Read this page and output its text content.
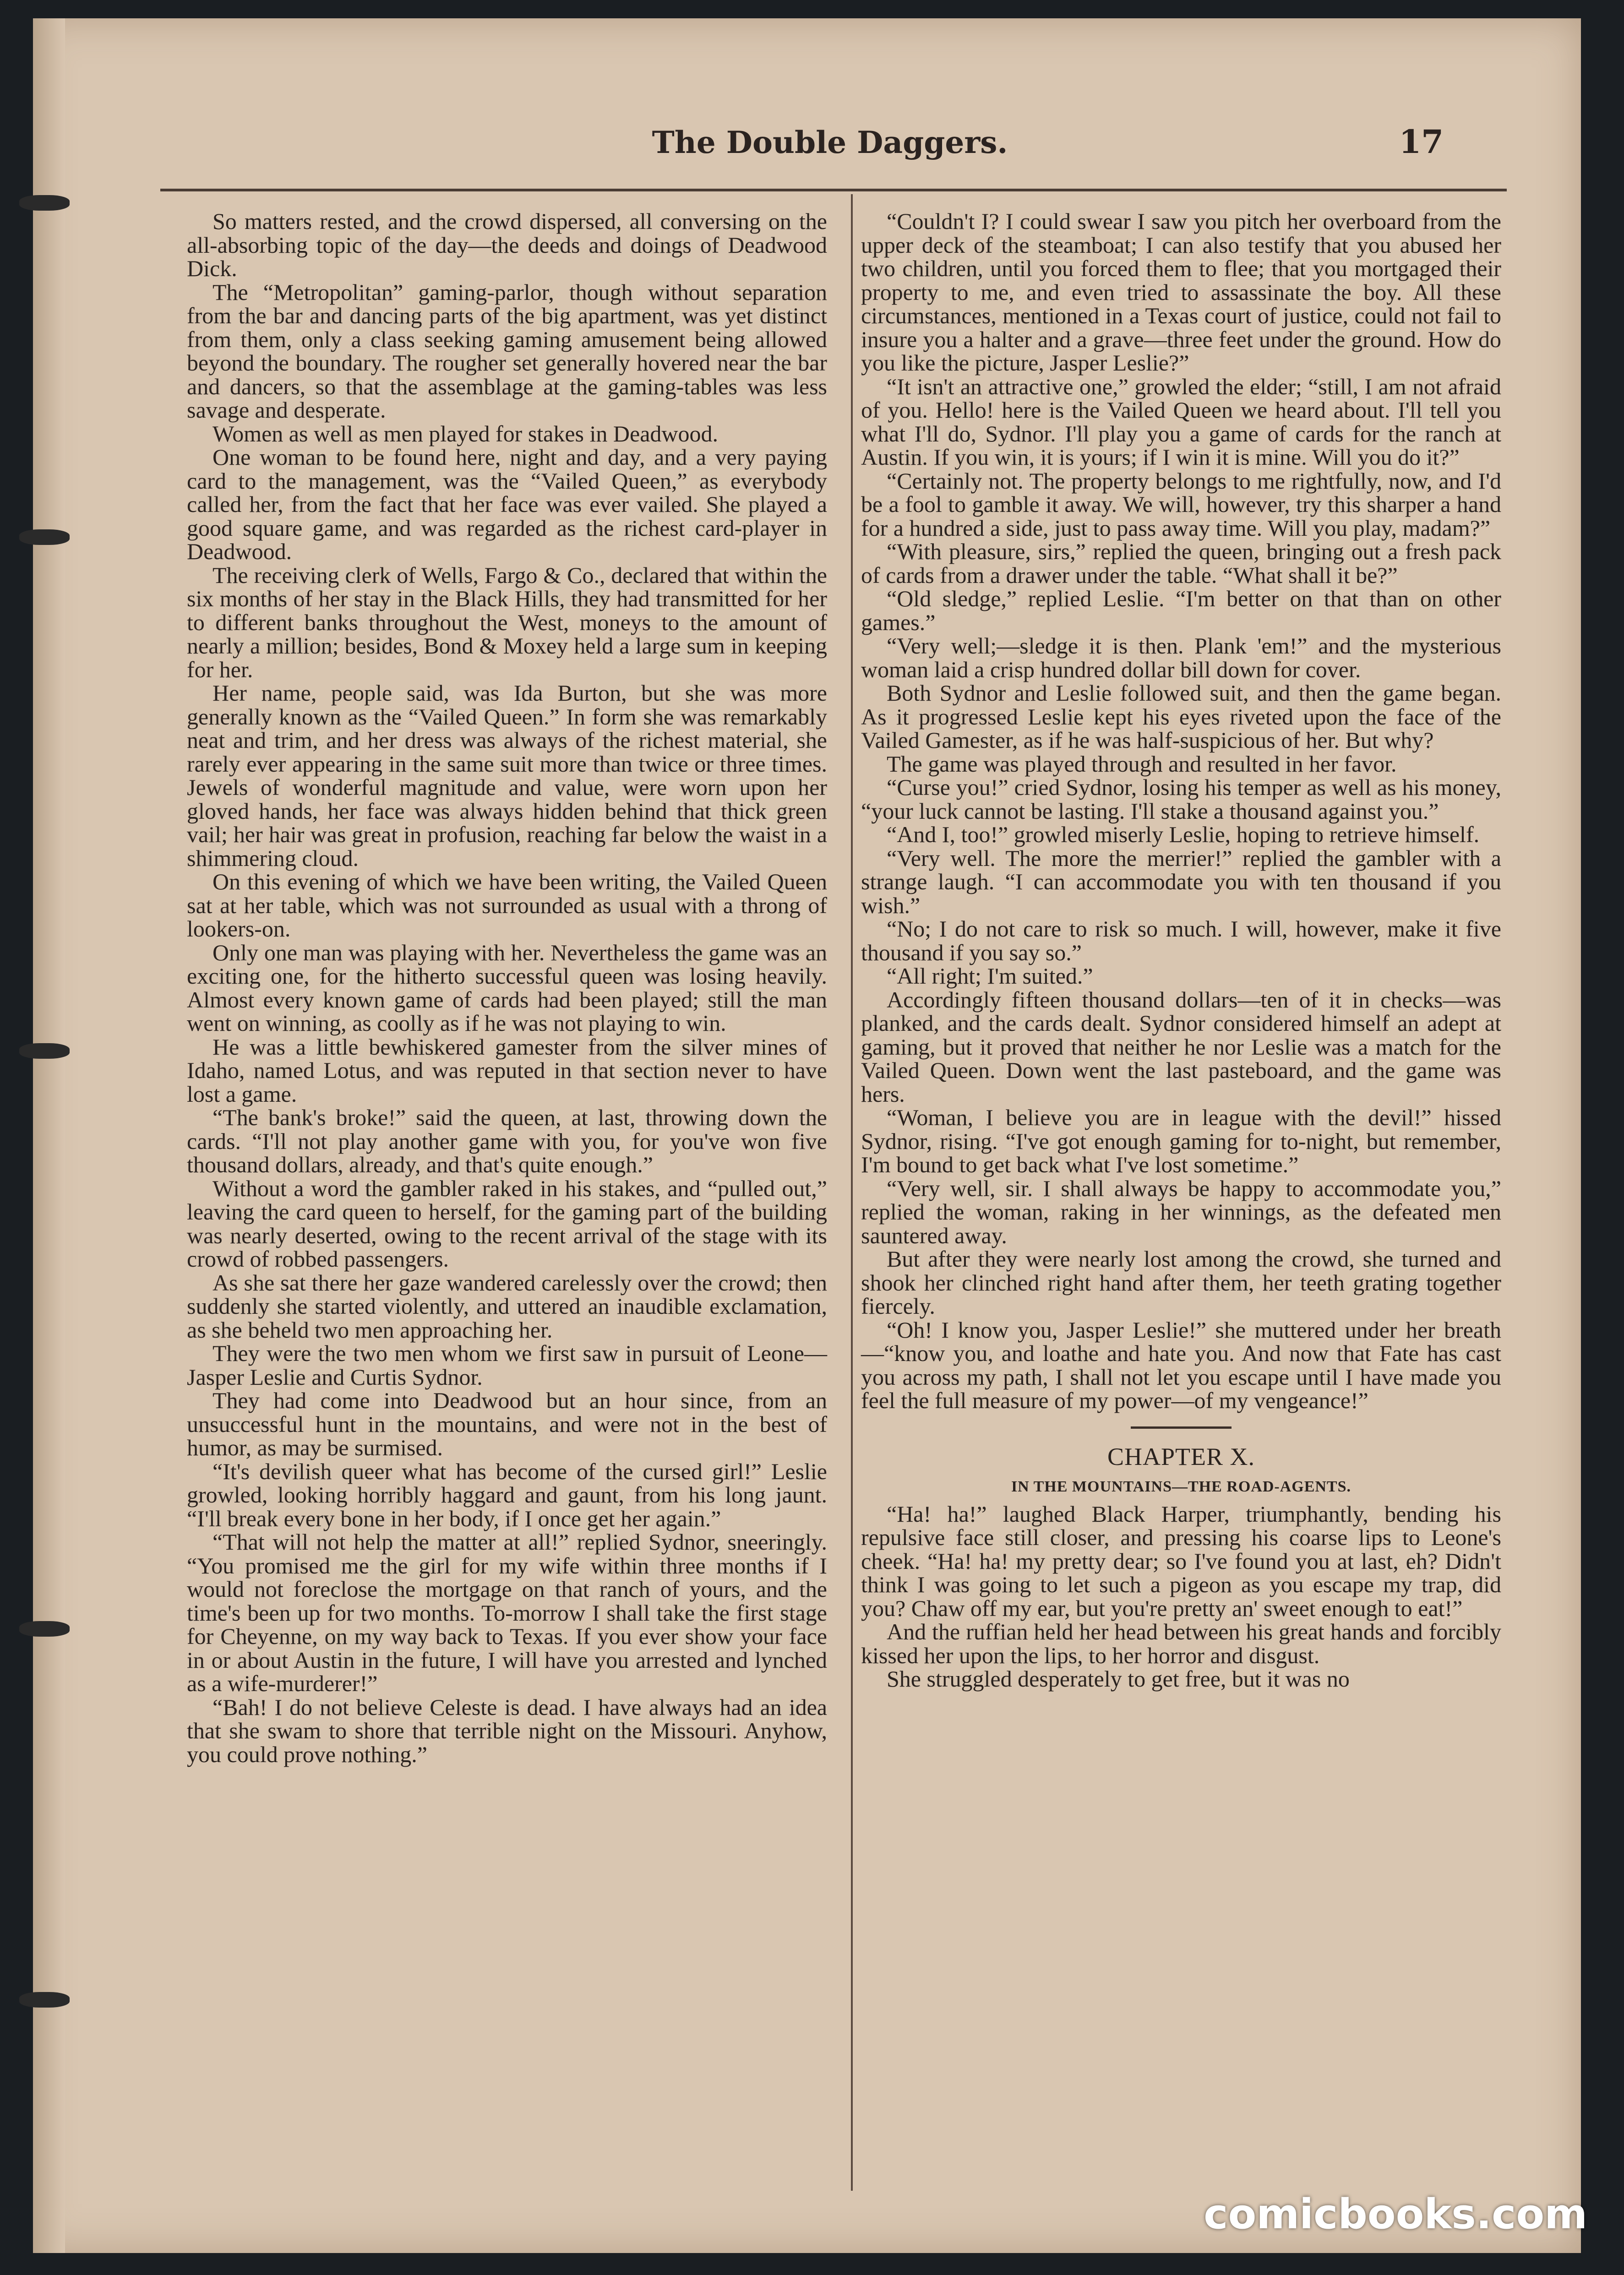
The Double Daggers.	17

So matters rested, and the crowd dispersed, all conversing on the all-absorbing topic of the day—the deeds and doings of Deadwood Dick.

The “Metropolitan” gaming-parlor, though without separation from the bar and dancing parts of the big apartment, was yet distinct from them, only a class seeking gaming amusement being allowed beyond the boundary. The rougher set generally hovered near the bar and dancers, so that the assemblage at the gaming-tables was less savage and desperate.

Women as well as men played for stakes in Deadwood.

One woman to be found here, night and day, and a very paying card to the management, was the “Vailed Queen,” as everybody called her, from the fact that her face was ever vailed. She played a good square game, and was regarded as the richest card-player in Deadwood.

The receiving clerk of Wells, Fargo & Co., declared that within the six months of her stay in the Black Hills, they had transmitted for her to different banks throughout the West, moneys to the amount of nearly a million; besides, Bond & Moxey held a large sum in keeping for her.

Her name, people said, was Ida Burton, but she was more generally known as the “Vailed Queen.” In form she was remarkably neat and trim, and her dress was always of the richest material, she rarely ever appearing in the same suit more than twice or three times. Jewels of wonderful magnitude and value, were worn upon her gloved hands, her face was always hidden behind that thick green vail; her hair was great in profusion, reaching far below the waist in a shimmering cloud.

On this evening of which we have been writing, the Vailed Queen sat at her table, which was not surrounded as usual with a throng of lookers-on.

Only one man was playing with her. Nevertheless the game was an exciting one, for the hitherto successful queen was losing heavily. Almost every known game of cards had been played; still the man went on winning, as coolly as if he was not playing to win.

He was a little bewhiskered gamester from the silver mines of Idaho, named Lotus, and was reputed in that section never to have lost a game.

“The bank's broke!” said the queen, at last, throwing down the cards. “I'll not play another game with you, for you've won five thousand dollars, already, and that's quite enough.”

Without a word the gambler raked in his stakes, and “pulled out,” leaving the card queen to herself, for the gaming part of the building was nearly deserted, owing to the recent arrival of the stage with its crowd of robbed passengers.

As she sat there her gaze wandered carelessly over the crowd; then suddenly she started violently, and uttered an inaudible exclamation, as she beheld two men approaching her.

They were the two men whom we first saw in pursuit of Leone—Jasper Leslie and Curtis Sydnor.

They had come into Deadwood but an hour since, from an unsuccessful hunt in the mountains, and were not in the best of humor, as may be surmised.

“It's devilish queer what has become of the cursed girl!” Leslie growled, looking horribly haggard and gaunt, from his long jaunt. “I'll break every bone in her body, if I once get her again.”

“That will not help the matter at all!” replied Sydnor, sneeringly. “You promised me the girl for my wife within three months if I would not foreclose the mortgage on that ranch of yours, and the time's been up for two months. To-morrow I shall take the first stage for Cheyenne, on my way back to Texas. If you ever show your face in or about Austin in the future, I will have you arrested and lynched as a wife-murderer!”

“Bah! I do not believe Celeste is dead. I have always had an idea that she swam to shore that terrible night on the Missouri. Anyhow, you could prove nothing.”

“Couldn't I? I could swear I saw you pitch her overboard from the upper deck of the steamboat; I can also testify that you abused her two children, until you forced them to flee; that you mortgaged their property to me, and even tried to assassinate the boy. All these circumstances, mentioned in a Texas court of justice, could not fail to insure you a halter and a grave—three feet under the ground. How do you like the picture, Jasper Leslie?”

“It isn't an attractive one,” growled the elder; “still, I am not afraid of you. Hello! here is the Vailed Queen we heard about. I'll tell you what I'll do, Sydnor. I'll play you a game of cards for the ranch at Austin. If you win, it is yours; if I win it is mine. Will you do it?”

“Certainly not. The property belongs to me rightfully, now, and I'd be a fool to gamble it away. We will, however, try this sharper a hand for a hundred a side, just to pass away time. Will you play, madam?”

“With pleasure, sirs,” replied the queen, bringing out a fresh pack of cards from a drawer under the table. “What shall it be?”

“Old sledge,” replied Leslie. “I'm better on that than on other games.”

“Very well;—sledge it is then. Plank 'em!” and the mysterious woman laid a crisp hundred dollar bill down for cover.

Both Sydnor and Leslie followed suit, and then the game began. As it progressed Leslie kept his eyes riveted upon the face of the Vailed Gamester, as if he was half-suspicious of her. But why?

The game was played through and resulted in her favor.

“Curse you!” cried Sydnor, losing his temper as well as his money, “your luck cannot be lasting. I'll stake a thousand against you.”

“And I, too!” growled miserly Leslie, hoping to retrieve himself.

“Very well. The more the merrier!” replied the gambler with a strange laugh. “I can accommodate you with ten thousand if you wish.”

“No; I do not care to risk so much. I will, however, make it five thousand if you say so.”

“All right; I'm suited.”

Accordingly fifteen thousand dollars—ten of it in checks—was planked, and the cards dealt. Sydnor considered himself an adept at gaming, but it proved that neither he nor Leslie was a match for the Vailed Queen. Down went the last pasteboard, and the game was hers.

“Woman, I believe you are in league with the devil!” hissed Sydnor, rising. “I've got enough gaming for to-night, but remember, I'm bound to get back what I've lost sometime.”

“Very well, sir. I shall always be happy to accommodate you,” replied the woman, raking in her winnings, as the defeated men sauntered away.

But after they were nearly lost among the crowd, she turned and shook her clinched right hand after them, her teeth grating together fiercely.

“Oh! I know you, Jasper Leslie!” she muttered under her breath—“know you, and loathe and hate you. And now that Fate has cast you across my path, I shall not let you escape until I have made you feel the full measure of my power—of my vengeance!”

CHAPTER X.
IN THE MOUNTAINS—THE ROAD-AGENTS.

“Ha! ha!” laughed Black Harper, triumphantly, bending his repulsive face still closer, and pressing his coarse lips to Leone's cheek. “Ha! ha! my pretty dear; so I've found you at last, eh? Didn't think I was going to let such a pigeon as you escape my trap, did you? Chaw off my ear, but you're pretty an' sweet enough to eat!”

And the ruffian held her head between his great hands and forcibly kissed her upon the lips, to her horror and disgust.

She struggled desperately to get free, but it was no

comicbooks.com
